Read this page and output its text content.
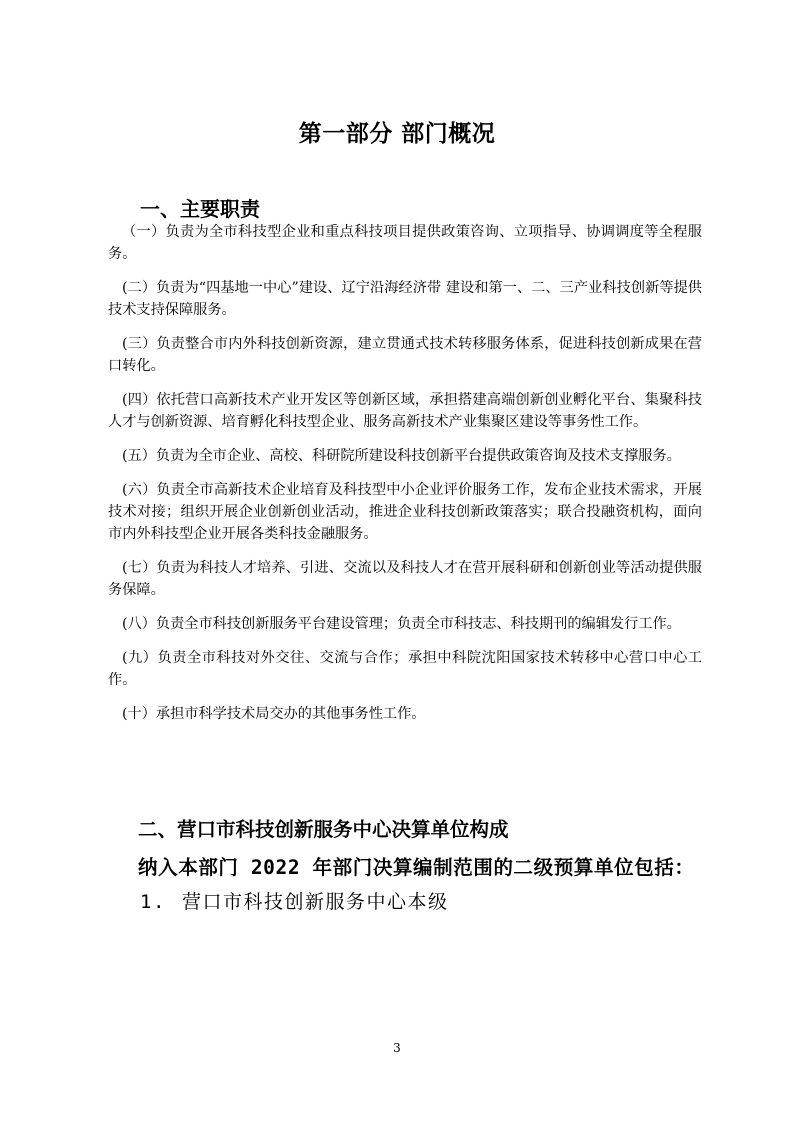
第一部分 部门概况
一、主要职责
（一）负责为全市科技型企业和重点科技项目提供政策咨询、立项指导、协调调度等全程服务。
(二）负责为“四基地一中心”建设、辽宁沿海经济带 建设和第一、二、三产业科技创新等提供技术支持保障服务。
(三）负责整合市内外科技创新资源，建立贯通式技术转移服务体系，促进科技创新成果在营口转化。
(四）依托营口高新技术产业开发区等创新区域，承担搭建高端创新创业孵化平台、集聚科技人才与创新资源、培育孵化科技型企业、服务高新技术产业集聚区建设等事务性工作。
(五）负责为全市企业、高校、科研院所建设科技创新平台提供政策咨询及技术支撑服务。
(六）负责全市高新技术企业培育及科技型中小企业评价服务工作，发布企业技术需求，开展技术对接；组织开展企业创新创业活动，推进企业科技创新政策落实；联合投融资机构，面向市内外科技型企业开展各类科技金融服务。
(七）负责为科技人才培养、引进、交流以及科技人才在营开展科研和创新创业等活动提供服务保障。
(八）负责全市科技创新服务平台建设管理；负责全市科技志、科技期刊的编辑发行工作。
(九）负责全市科技对外交往、交流与合作；承担中科院沈阳国家技术转移中心营口中心工作。
(十）承担市科学技术局交办的其他事务性工作。
二、营口市科技创新服务中心决算单位构成
纳入本部门 2022 年部门决算编制范围的二级预算单位包括：
1. 营口市科技创新服务中心本级
3
